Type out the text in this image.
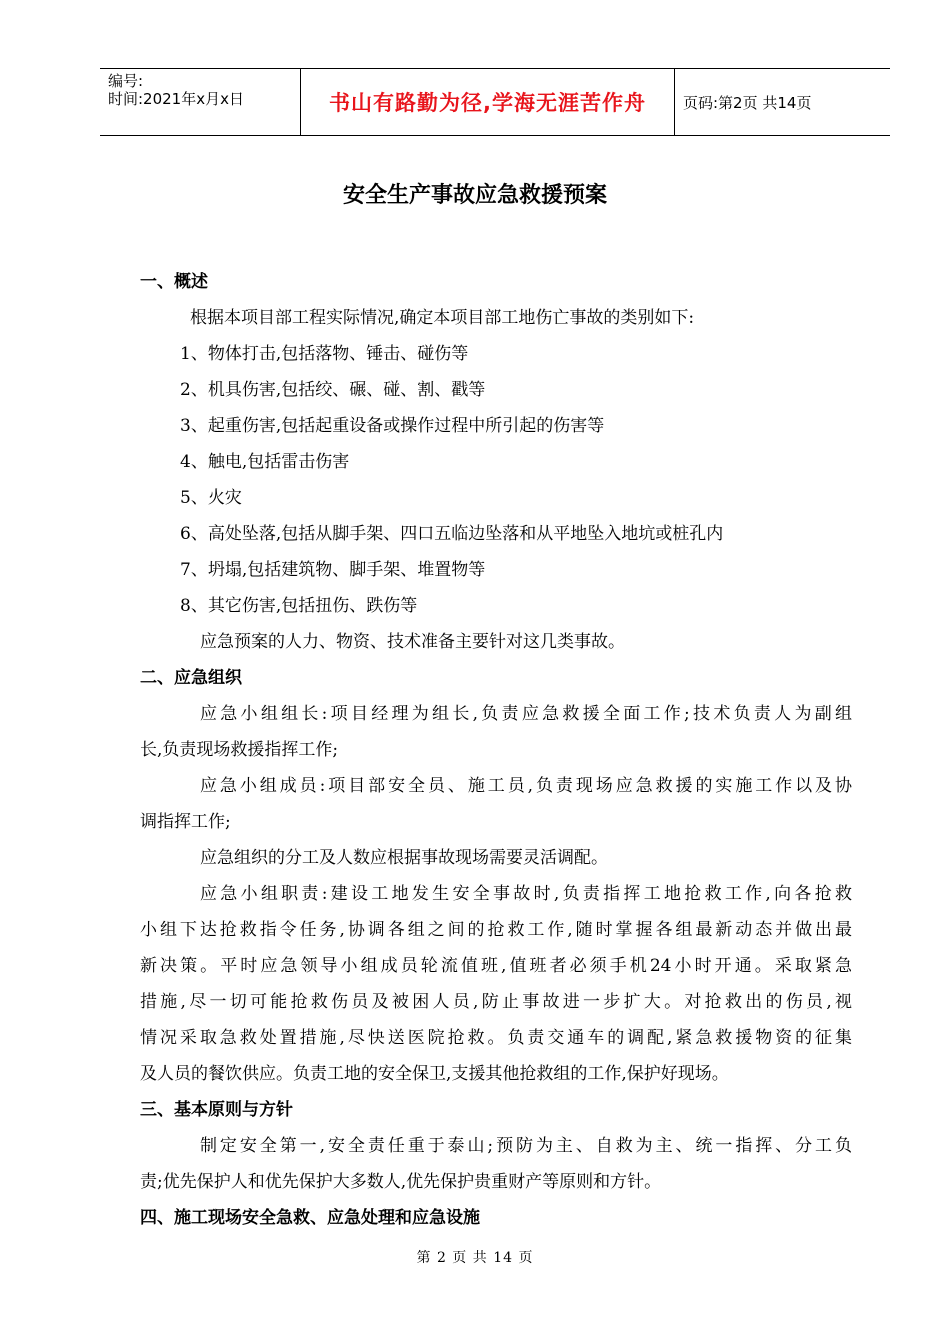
编号:
时间:2021年x月x日	书山有路勤为径,学海无涯苦作舟	页码:第2页 共14页
安全生产事故应急救援预案
一、概述
根据本项目部工程实际情况,确定本项目部工地伤亡事故的类别如下:
1、物体打击,包括落物、锤击、碰伤等
2、机具伤害,包括绞、碾、碰、割、戳等
3、起重伤害,包括起重设备或操作过程中所引起的伤害等
4、触电,包括雷击伤害
5、火灾
6、高处坠落,包括从脚手架、四口五临边坠落和从平地坠入地坑或桩孔内
7、坍塌,包括建筑物、脚手架、堆置物等
8、其它伤害,包括扭伤、跌伤等
应急预案的人力、物资、技术准备主要针对这几类事故。
二、应急组织
应急小组组长:项目经理为组长,负责应急救援全面工作;技术负责人为副组
长,负责现场救援指挥工作;
应急小组成员:项目部安全员、施工员,负责现场应急救援的实施工作以及协
调指挥工作;
应急组织的分工及人数应根据事故现场需要灵活调配。
应急小组职责:建设工地发生安全事故时,负责指挥工地抢救工作,向各抢救
小组下达抢救指令任务,协调各组之间的抢救工作,随时掌握各组最新动态并做出最
新决策。平时应急领导小组成员轮流值班,值班者必须手机24小时开通。采取紧急
措施,尽一切可能抢救伤员及被困人员,防止事故进一步扩大。对抢救出的伤员,视
情况采取急救处置措施,尽快送医院抢救。负责交通车的调配,紧急救援物资的征集
及人员的餐饮供应。负责工地的安全保卫,支援其他抢救组的工作,保护好现场。
三、基本原则与方针
制定安全第一,安全责任重于泰山;预防为主、自救为主、统一指挥、分工负
责;优先保护人和优先保护大多数人,优先保护贵重财产等原则和方针。
四、施工现场安全急救、应急处理和应急设施
第 2 页 共 14 页
